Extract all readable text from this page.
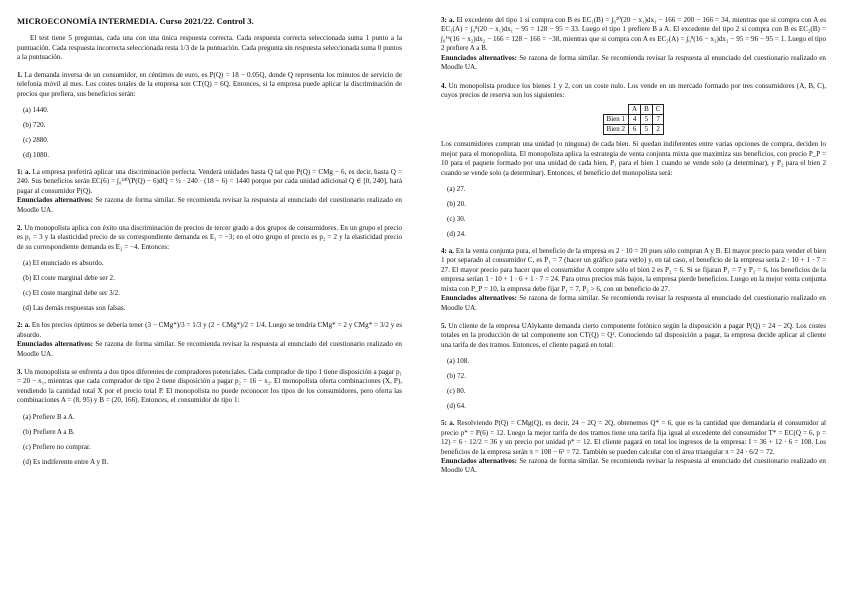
MICROECONOMÍA INTERMEDIA. Curso 2021/22. Control 3.

El test tiene 5 preguntas, cada una con una única respuesta correcta. Cada respuesta correcta seleccionada suma 1 punto a la puntuación. Cada respuesta incorrecta seleccionada resta 1/3 de la puntuación. Cada pregunta sin respuesta seleccionada suma 0 puntos a la puntuación.

1. La demanda inversa de un consumidor, en céntimos de euro, es P(Q) = 18 − 0.05Q, donde Q representa los minutos de servicio de telefonía móvil al mes. Los costes totales de la empresa son CT(Q) = 6Q. Entonces, si la empresa puede aplicar la discriminación de precios que prefiera, sus beneficios serán:

(a) 1440.
(b) 720.
(c) 2880.
(d) 1080.

1: a. La empresa preferirá aplicar una discriminación perfecta. Venderá unidades hasta Q tal que P(Q) = CMg − 6, es decir, hasta Q = 240. Sus beneficios serán EC(6) = ∫₀²⁴⁰(P(Q) − 6)dQ = ½ · 240 · (18 − 6) = 1440 porque por cada unidad adicional Q ∈ [0, 240], hará pagar al consumidor P(Q).
Enunciados alternativos: Se razona de forma similar. Se recomienda revisar la respuesta al enunciado del cuestionario realizado en Moodle UA.

2. Un monopolista aplica con éxito una discriminación de precios de tercer grado a dos grupos de consumidores. En un grupo el precio es p₁ = 3 y la elasticidad precio de su correspondiente demanda es E₁ = −3; en el otro grupo el precio es p₂ = 2 y la elasticidad precio de su correspondiente demanda es E₂ = −4. Entonces:

(a) El enunciado es absurdo.
(b) El coste marginal debe ser 2.
(c) El coste marginal debe ser 3/2.
(d) Las demás respuestas son falsas.

2: a. En los precios óptimos se debería tener (3 − CMg*)/3 = 1/3 y (2 − CMg*)/2 = 1/4. Luego se tendría CMg* = 2 y CMg* = 3/2 y es absurdo.
Enunciados alternativos: Se razona de forma similar. Se recomienda revisar la respuesta al enunciado del cuestionario realizado en Moodle UA.

3. Un monopolista se enfrenta a dos tipos diferentes de compradores potenciales. Cada comprador de tipo 1 tiene disposición a pagar p₁ = 20 − x₁, mientras que cada comprador de tipo 2 tiene disposición a pagar p₂ = 16 − x₂. El monopolista oferta combinaciones (X, P), vendiendo la cantidad total X por el precio total P. El monopolista no puede reconocer los tipos de los consumidores, pero oferta las combinaciones A = (8, 95) y B = (20, 166). Entonces, el consumidor de tipo 1:

(a) Prefiere B a A.
(b) Prefiere A a B.
(c) Prefiere no comprar.
(d) Es indiferente entre A y B.

3: a. El excedente del tipo 1 si compra con B es EC₁(B) = ∫₀²⁰(20 − x₁)dx₁ − 166 = 200 − 166 = 34, mientras que si compra con A es EC₁(A) = ∫₀⁸(20 − x₁)dx₁ − 95 = 128 − 95 = 33. Luego el tipo 1 prefiere B a A. El excedente del tipo 2 si compra con B es EC₂(B) = ∫₀¹⁶(16 − x₂)dx₂ − 166 = 128 − 166 = −38, mientras que si compra con A es EC₂(A) = ∫₀⁸(16 − x₂)dx₂ − 95 = 96 − 95 = 1. Luego el tipo 2 prefiere A a B.
Enunciados alternativos: Se razona de forma similar. Se recomienda revisar la respuesta al enunciado del cuestionario realizado en Moodle UA.

4. Un monopolista produce los bienes 1 y 2, con un coste nulo. Los vende en un mercado formado por tres consumidores (A, B, C), cuyos precios de reserva son los siguientes:

	A	B	C
Bien 1	4	5	7
Bien 2	6	5	2

Los consumidores compran una unidad (o ninguna) de cada bien. Si quedan indiferentes entre varias opciones de compra, deciden lo mejor para el monopolista. El monopolista aplica la estrategia de venta conjunta mixta que maximiza sus beneficios, con precio P_P = 10 para el paquete formado por una unidad de cada bien, P₁ para el bien 1 cuando se vende solo (a determinar), y P₂ para el bien 2 cuando se vende solo (a determinar). Entonces, el beneficio del monopolista será:

(a) 27.
(b) 20.
(c) 30.
(d) 24.

4: a. En la venta conjunta pura, el beneficio de la empresa es 2 · 10 = 20 pues sólo compran A y B. El mayor precio para vender el bien 1 por separado al consumidor C, es P₁ = 7 (hacer un gráfico para verlo) y, en tal caso, el beneficio de la empresa sería 2 · 10 + 1 · 7 = 27. El mayor precio para hacer que el consumidor A compre sólo el bien 2 es P₂ = 6. Si se fijaran P₁ = 7 y P₂ = 6, los beneficios de la empresa serían 1 · 10 + 1 · 6 + 1 · 7 = 24. Para otros precios más bajos, la empresa pierde beneficios. Luego en la mejor venta conjunta mixta con P_P = 10, la empresa debe fijar P₁ = 7, P₂ > 6, con un beneficio de 27.
Enunciados alternativos: Se razona de forma similar. Se recomienda revisar la respuesta al enunciado del cuestionario realizado en Moodle UA.

5. Un cliente de la empresa UAlykante demanda cierto componente fotónico según la disposición a pagar P(Q) = 24 − 2Q. Los costes totales en la producción de tal componente son CT(Q) = Q². Conociendo tal disposición a pagar, la empresa decide aplicar al cliente una tarifa de dos tramos. Entonces, el cliente pagará en total:

(a) 108.
(b) 72.
(c) 80.
(d) 64.

5: a. Resolviendo P(Q) = CMg(Q), es decir, 24 − 2Q = 2Q, obtenemos Q* = 6, que es la cantidad que demandaría el consumidor al precio p* = P(6) = 12. Luego la mejor tarifa de dos tramos tiene una tarifa fija igual al excedente del consumidor T* = EC(Q = 6, p = 12) = 6 · 12/2 = 36 y un precio por unidad p* = 12. El cliente pagará en total los ingresos de la empresa: I = 36 + 12 · 6 = 108. Los beneficios de la empresa serán π = 108 − 6² = 72. También se pueden calcular con el área triangular π = 24 · 6/2 = 72.
Enunciados alternativos: Se razona de forma similar. Se recomienda revisar la respuesta al enunciado del cuestionario realizado en Moodle UA.
